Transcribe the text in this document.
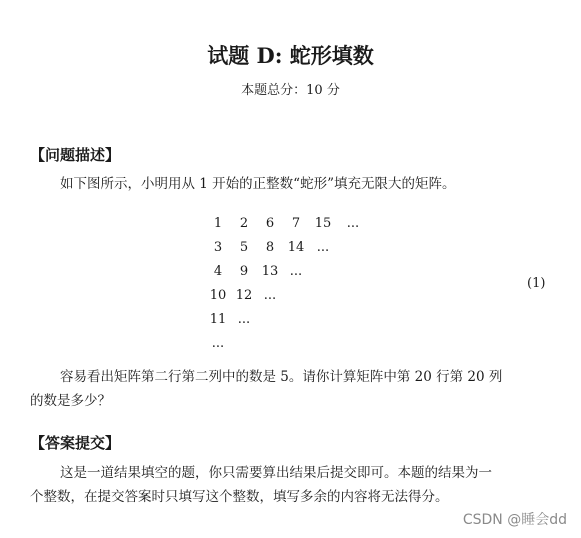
试题 D: 蛇形填数
本题总分：10 分
【问题描述】
如下图所示，小明用从 1 开始的正整数“蛇形”填充无限大的矩阵。
1	2	6	7	15	...
3	5	8	14 ...
4	9	13 ...
10 12 ...
11 ...
...
(1)
容易看出矩阵第二行第二列中的数是 5。请你计算矩阵中第 20 行第 20 列
的数是多少？
【答案提交】
这是一道结果填空的题，你只需要算出结果后提交即可。本题的结果为一
个整数，在提交答案时只填写这个整数，填写多余的内容将无法得分。
CSDN @睡会dd
